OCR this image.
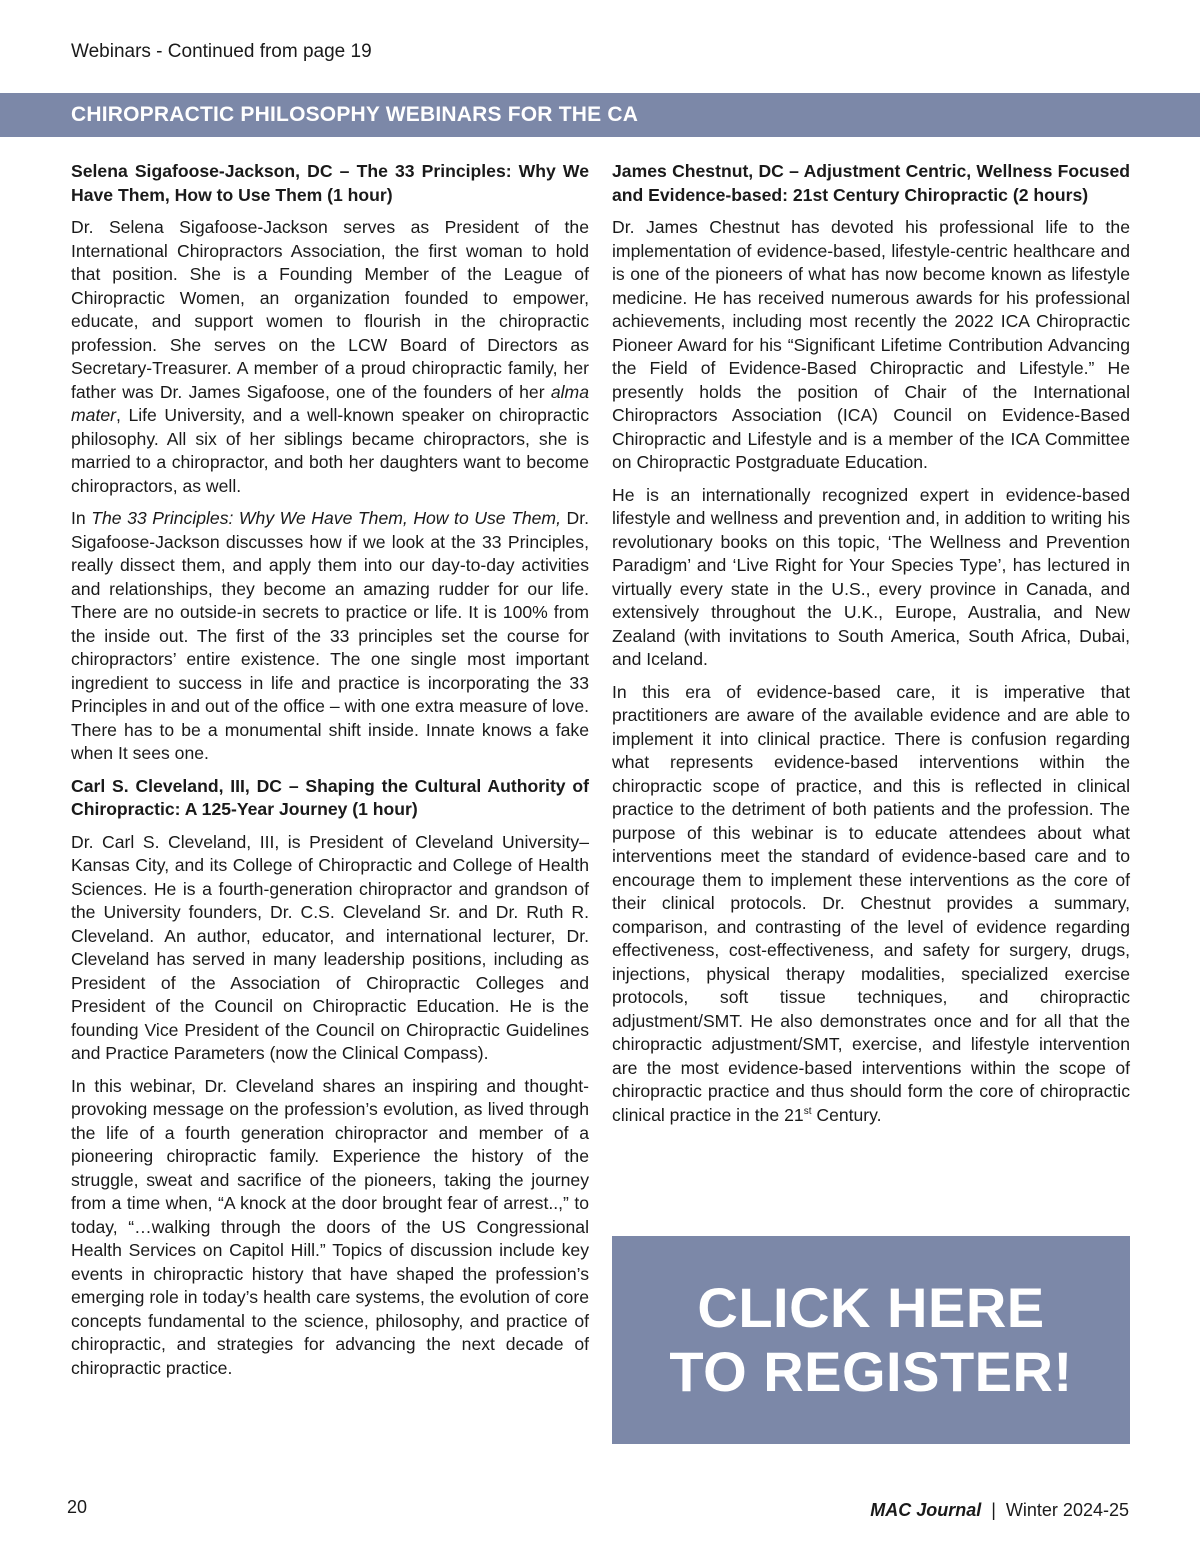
Webinars - Continued from page 19
CHIROPRACTIC PHILOSOPHY WEBINARS FOR THE CA
Selena Sigafoose-Jackson, DC – The 33 Principles: Why We Have Them, How to Use Them (1 hour)

Dr. Selena Sigafoose-Jackson serves as President of the International Chiropractors Association, the first woman to hold that position. She is a Founding Member of the League of Chiropractic Women, an organization founded to empower, educate, and support women to flourish in the chiropractic profession. She serves on the LCW Board of Directors as Secretary-Treasurer. A member of a proud chiropractic family, her father was Dr. James Sigafoose, one of the founders of her alma mater, Life University, and a well-known speaker on chiropractic philosophy. All six of her siblings became chiropractors, she is married to a chiropractor, and both her daughters want to become chiropractors, as well.

In The 33 Principles: Why We Have Them, How to Use Them, Dr. Sigafoose-Jackson discusses how if we look at the 33 Principles, really dissect them, and apply them into our day-to-day activities and relationships, they become an amazing rudder for our life. There are no outside-in secrets to practice or life. It is 100% from the inside out. The first of the 33 principles set the course for chiropractors’ entire existence. The one single most important ingredient to success in life and practice is incorporating the 33 Principles in and out of the office – with one extra measure of love. There has to be a monumental shift inside. Innate knows a fake when It sees one.

Carl S. Cleveland, III, DC – Shaping the Cultural Authority of Chiropractic: A 125-Year Journey (1 hour)

Dr. Carl S. Cleveland, III, is President of Cleveland University–Kansas City, and its College of Chiropractic and College of Health Sciences. He is a fourth-generation chiropractor and grandson of the University founders, Dr. C.S. Cleveland Sr. and Dr. Ruth R. Cleveland. An author, educator, and international lecturer, Dr. Cleveland has served in many leadership positions, including as President of the Association of Chiropractic Colleges and President of the Council on Chiropractic Education. He is the founding Vice President of the Council on Chiropractic Guidelines and Practice Parameters (now the Clinical Compass).

In this webinar, Dr. Cleveland shares an inspiring and thought-provoking message on the profession’s evolution, as lived through the life of a fourth generation chiropractor and member of a pioneering chiropractic family. Experience the history of the struggle, sweat and sacrifice of the pioneers, taking the journey from a time when, “A knock at the door brought fear of arrest..,” to today, “…walking through the doors of the US Congressional Health Services on Capitol Hill.” Topics of discussion include key events in chiropractic history that have shaped the profession’s emerging role in today’s health care systems, the evolution of core concepts fundamental to the science, philosophy, and practice of chiropractic, and strategies for advancing the next decade of chiropractic practice.

James Chestnut, DC – Adjustment Centric, Wellness Focused and Evidence-based: 21st Century Chiropractic (2 hours)

Dr. James Chestnut has devoted his professional life to the implementation of evidence-based, lifestyle-centric healthcare and is one of the pioneers of what has now become known as lifestyle medicine. He has received numerous awards for his professional achievements, including most recently the 2022 ICA Chiropractic Pioneer Award for his “Significant Lifetime Contribution Advancing the Field of Evidence-Based Chiropractic and Lifestyle.” He presently holds the position of Chair of the International Chiropractors Association (ICA) Council on Evidence-Based Chiropractic and Lifestyle and is a member of the ICA Committee on Chiropractic Postgraduate Education.

He is an internationally recognized expert in evidence-based lifestyle and wellness and prevention and, in addition to writing his revolutionary books on this topic, ‘The Wellness and Prevention Paradigm’ and ‘Live Right for Your Species Type’, has lectured in virtually every state in the U.S., every province in Canada, and extensively throughout the U.K., Europe, Australia, and New Zealand (with invitations to South America, South Africa, Dubai, and Iceland.

In this era of evidence-based care, it is imperative that practitioners are aware of the available evidence and are able to implement it into clinical practice. There is confusion regarding what represents evidence-based interventions within the chiropractic scope of practice, and this is reflected in clinical practice to the detriment of both patients and the profession. The purpose of this webinar is to educate attendees about what interventions meet the standard of evidence-based care and to encourage them to implement these interventions as the core of their clinical protocols. Dr. Chestnut provides a summary, comparison, and contrasting of the level of evidence regarding effectiveness, cost-effectiveness, and safety for surgery, drugs, injections, physical therapy modalities, specialized exercise protocols, soft tissue techniques, and chiropractic adjustment/SMT. He also demonstrates once and for all that the chiropractic adjustment/SMT, exercise, and lifestyle intervention are the most evidence-based interventions within the scope of chiropractic practice and thus should form the core of chiropractic clinical practice in the 21st Century.

CLICK HERE
TO REGISTER!
20	MAC Journal | Winter 2024-25
